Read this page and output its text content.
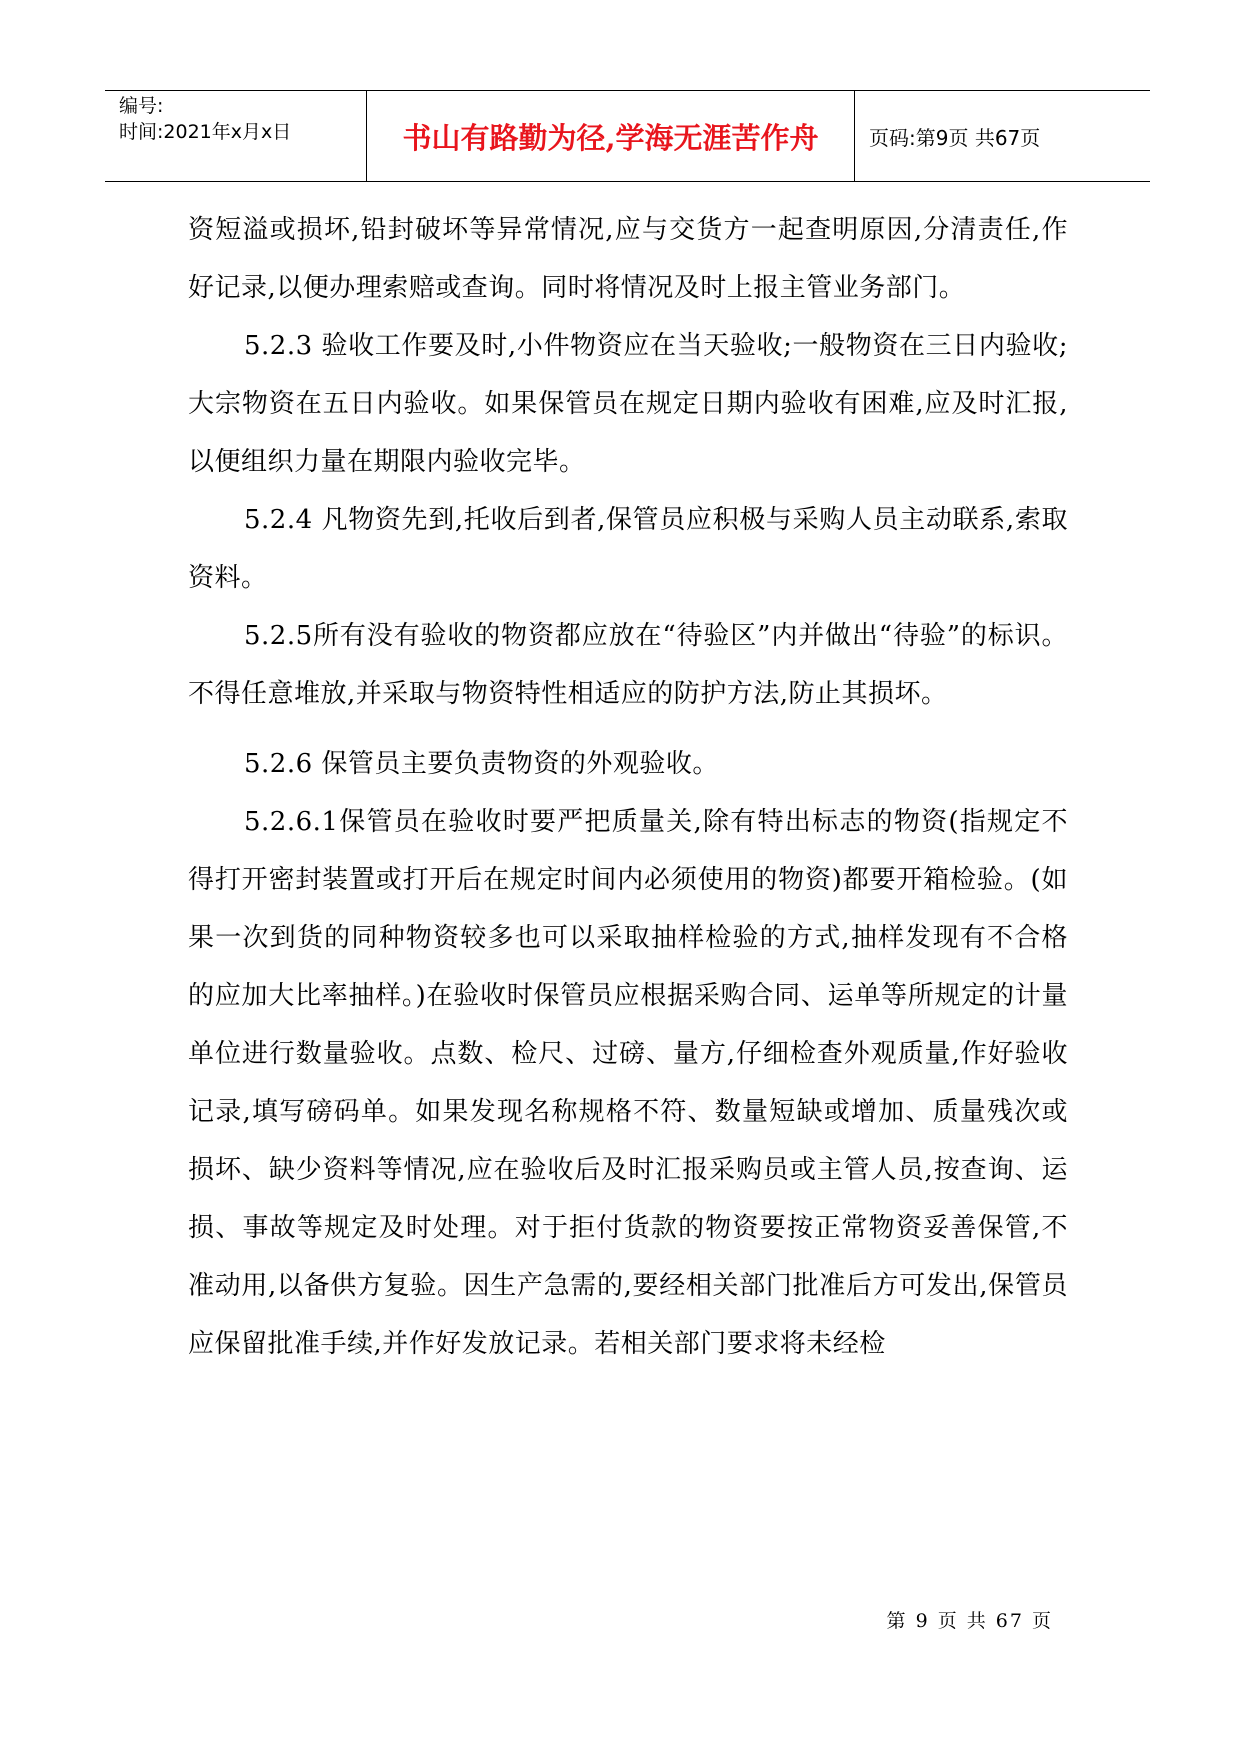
编号:
时间:2021年x月x日	书山有路勤为径,学海无涯苦作舟	页码:第9页 共67页

资短溢或损坏,铅封破坏等异常情况,应与交货方一起查明原因,分清责任,作好记录,以便办理索赔或查询。同时将情况及时上报主管业务部门。

5.2.3 验收工作要及时,小件物资应在当天验收;一般物资在三日内验收;大宗物资在五日内验收。如果保管员在规定日期内验收有困难,应及时汇报,以便组织力量在期限内验收完毕。

5.2.4 凡物资先到,托收后到者,保管员应积极与采购人员主动联系,索取资料。

5.2.5所有没有验收的物资都应放在“待验区”内并做出“待验”的标识。不得任意堆放,并采取与物资特性相适应的防护方法,防止其损坏。

5.2.6 保管员主要负责物资的外观验收。

5.2.6.1保管员在验收时要严把质量关,除有特出标志的物资(指规定不得打开密封装置或打开后在规定时间内必须使用的物资)都要开箱检验。(如果一次到货的同种物资较多也可以采取抽样检验的方式,抽样发现有不合格的应加大比率抽样。)在验收时保管员应根据采购合同、运单等所规定的计量单位进行数量验收。点数、检尺、过磅、量方,仔细检查外观质量,作好验收记录,填写磅码单。如果发现名称规格不符、数量短缺或增加、质量残次或损坏、缺少资料等情况,应在验收后及时汇报采购员或主管人员,按查询、运损、事故等规定及时处理。对于拒付货款的物资要按正常物资妥善保管,不准动用,以备供方复验。因生产急需的,要经相关部门批准后方可发出,保管员应保留批准手续,并作好发放记录。若相关部门要求将未经检

第 9 页 共 67 页
